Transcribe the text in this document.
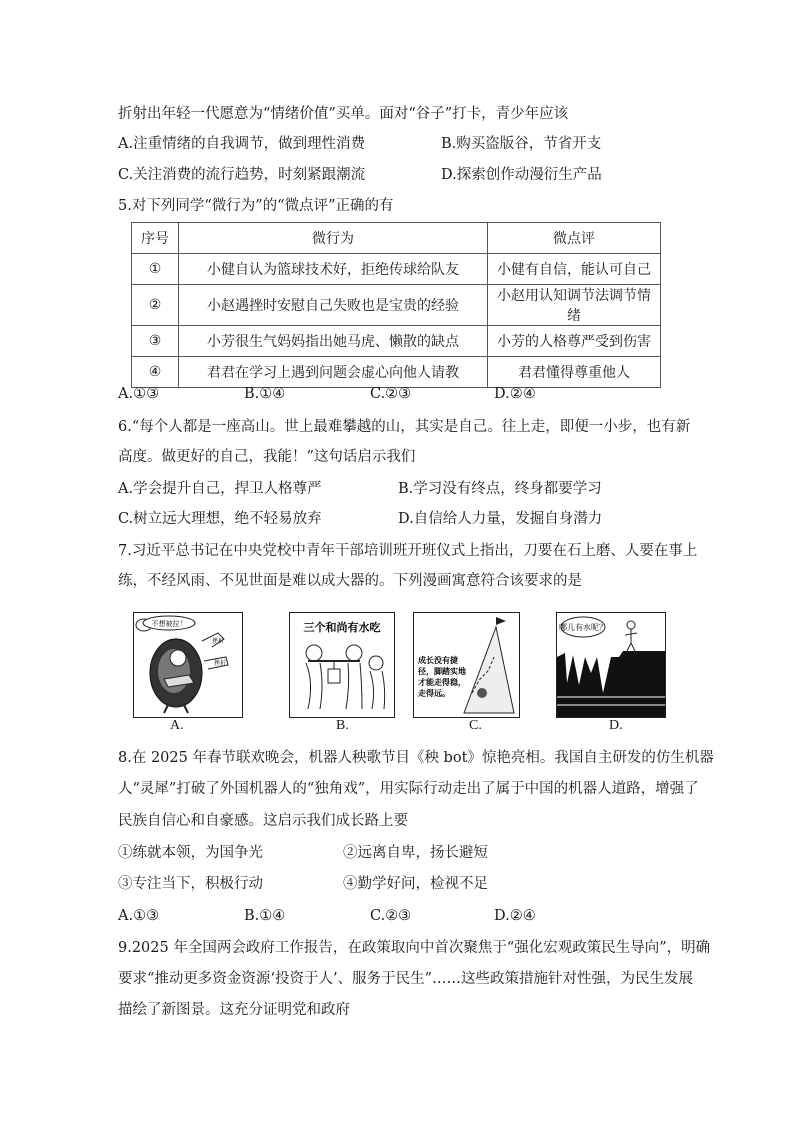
折射出年轻一代愿意为“情绪价值”买单。面对“谷子”打卡，青少年应该
A.注重情绪的自我调节，做到理性消费	B.购买盗版谷，节省开支
C.关注消费的流行趋势，时刻紧跟潮流	D.探索创作动漫衍生产品
5.对下列同学“微行为”的“微点评”正确的有
序号	微行为	微点评
①	小健自认为篮球技术好，拒绝传球给队友	小健有自信，能认可自己
②	小赵遇挫时安慰自己失败也是宝贵的经验	小赵用认知调节法调节情绪
③	小芳很生气妈妈指出她马虎、懒散的缺点	小芳的人格尊严受到伤害
④	君君在学习上遇到问题会虚心向他人请教	君君懂得尊重他人
A.①③	B.①④	C.②③	D.②④
6.“每个人都是一座高山。世上最难攀越的山，其实是自己。往上走，即便一小步，也有新
高度。做更好的自己，我能！”这句话启示我们
A.学会提升自己，捍卫人格尊严	B.学习没有终点，终身都要学习
C.树立远大理想，绝不轻易放弃	D.自信给人力量，发掘自身潜力
7.习近平总书记在中央党校中青年干部培训班开班仪式上指出，刀要在石上磨、人要在事上
练，不经风雨、不见世面是难以成大器的。下列漫画寓意符合该要求的是
不想被拉！
挫折
挫折
三个和尚有水吃
成长没有捷
径，脚踏实地
才能走得稳，
走得远。
哪儿有水呢？
A.	B.	C.	D.
8.在 2025 年春节联欢晚会，机器人秧歌节目《秧 bot》惊艳亮相。我国自主研发的仿生机器
人“灵犀”打破了外国机器人的“独角戏”，用实际行动走出了属于中国的机器人道路，增强了
民族自信心和自豪感。这启示我们成长路上要
①练就本领，为国争光	②远离自卑，扬长避短
③专注当下，积极行动	④勤学好问，检视不足
A.①③	B.①④	C.②③	D.②④
9.2025 年全国两会政府工作报告，在政策取向中首次聚焦于“强化宏观政策民生导向”，明确
要求“推动更多资金资源‘投资于人’、服务于民生”……这些政策措施针对性强，为民生发展
描绘了新图景。这充分证明党和政府
